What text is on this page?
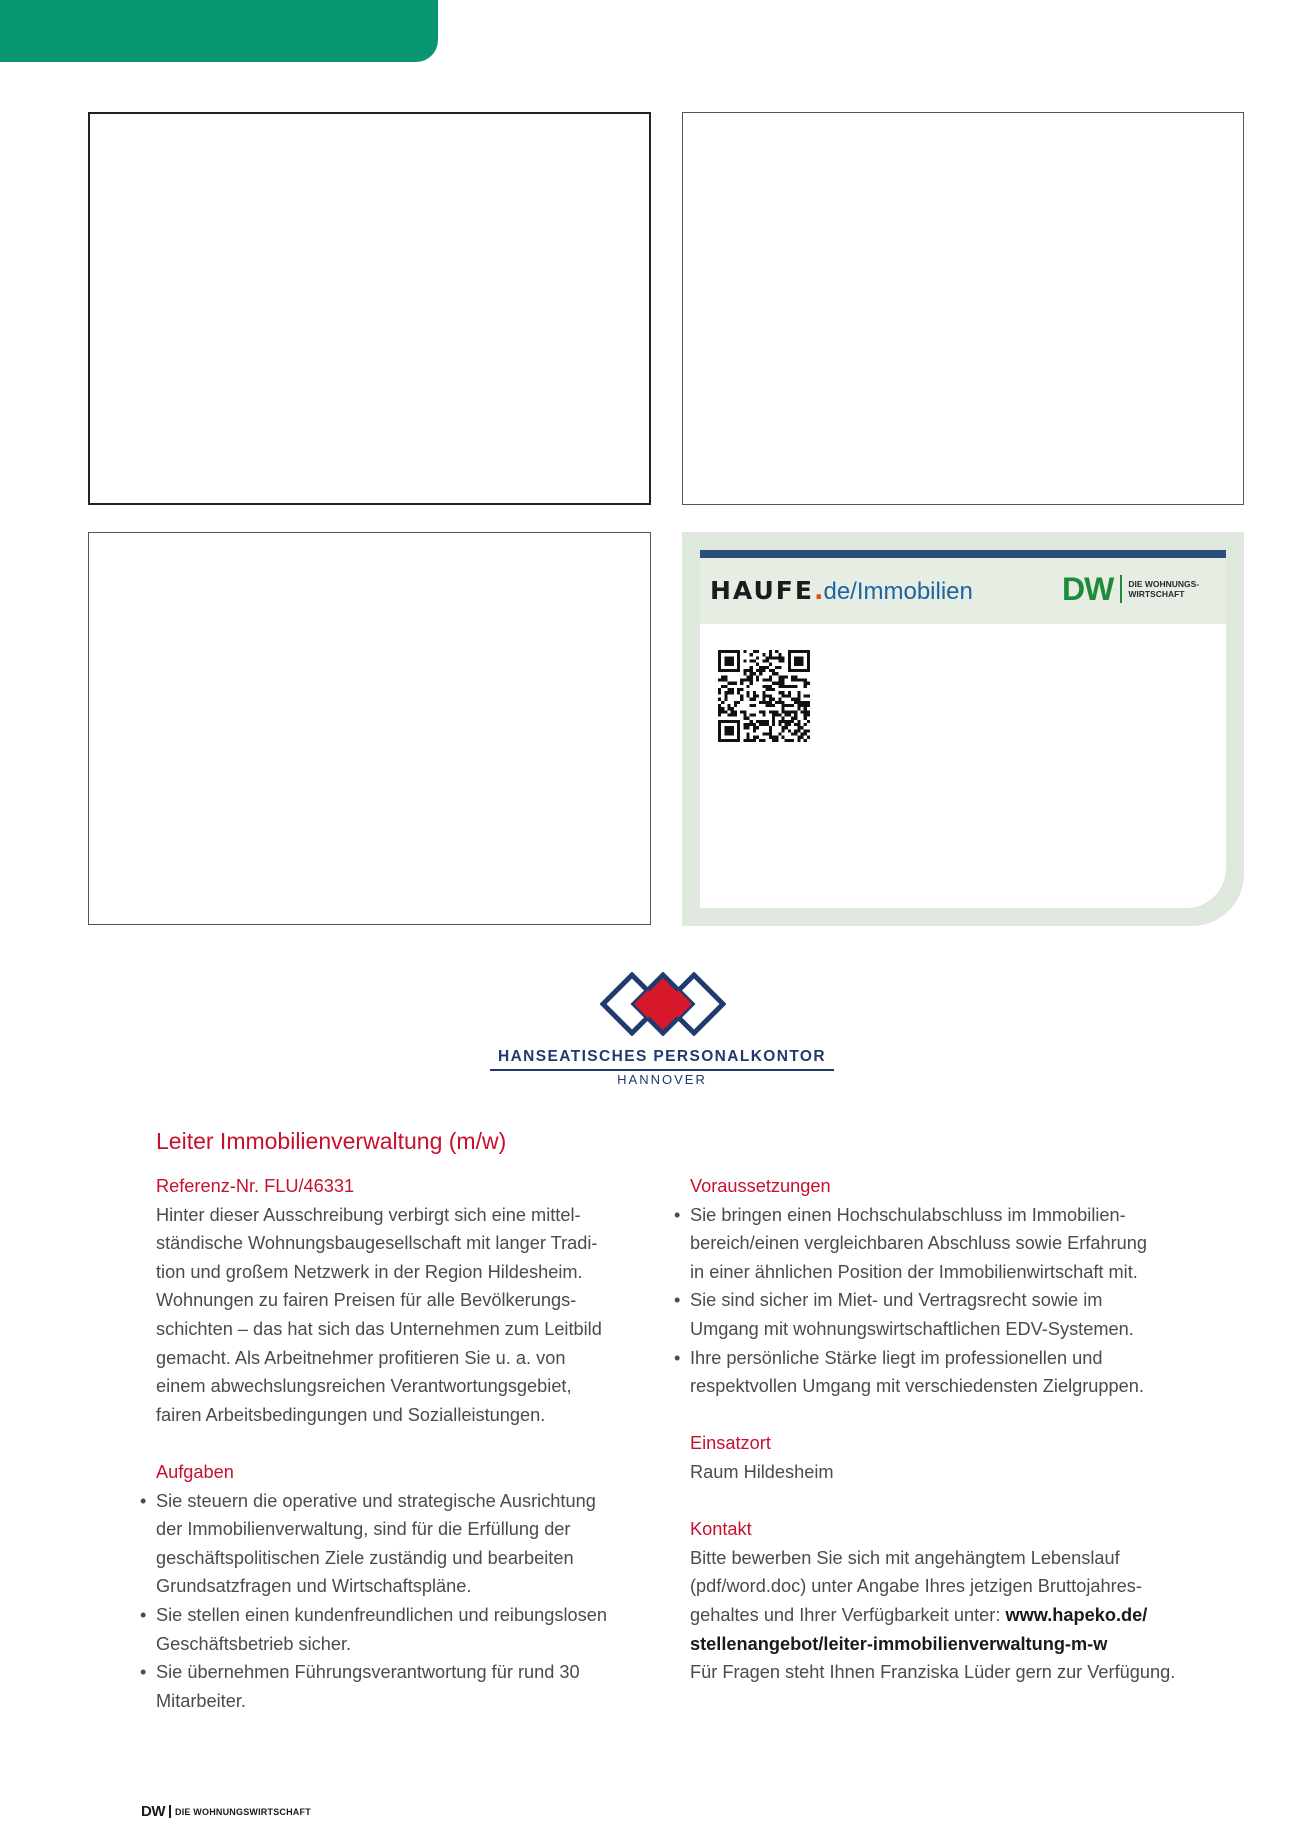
HAUFE.de/Immobilien	DW DIE WOHNUNGS-
WIRTSCHAFT
HANSEATISCHES PERSONALKONTOR
HANNOVER
Leiter Immobilienverwaltung (m/w)
Referenz-Nr. FLU/46331
Hinter dieser Ausschreibung verbirgt sich eine mittel-
ständische Wohnungsbaugesellschaft mit langer Tradi-
tion und großem Netzwerk in der Region Hildesheim.
Wohnungen zu fairen Preisen für alle Bevölkerungs-
schichten – das hat sich das Unternehmen zum Leitbild
gemacht. Als Arbeitnehmer profitieren Sie u. a. von
einem abwechslungsreichen Verantwortungsgebiet,
fairen Arbeitsbedingungen und Sozialleistungen.
Aufgaben
• Sie steuern die operative und strategische Ausrichtung
der Immobilienverwaltung, sind für die Erfüllung der
geschäftspolitischen Ziele zuständig und bearbeiten
Grundsatzfragen und Wirtschaftspläne.
• Sie stellen einen kundenfreundlichen und reibungslosen
Geschäftsbetrieb sicher.
• Sie übernehmen Führungsverantwortung für rund 30
Mitarbeiter.
Voraussetzungen
• Sie bringen einen Hochschulabschluss im Immobilien-
bereich/einen vergleichbaren Abschluss sowie Erfahrung
in einer ähnlichen Position der Immobilienwirtschaft mit.
• Sie sind sicher im Miet- und Vertragsrecht sowie im
Umgang mit wohnungswirtschaftlichen EDV-Systemen.
• Ihre persönliche Stärke liegt im professionellen und
respektvollen Umgang mit verschiedensten Zielgruppen.
Einsatzort
Raum Hildesheim
Kontakt
Bitte bewerben Sie sich mit angehängtem Lebenslauf
(pdf/word.doc) unter Angabe Ihres jetzigen Bruttojahres-
gehaltes und Ihrer Verfügbarkeit unter: www.hapeko.de/
stellenangebot/leiter-immobilienverwaltung-m-w
Für Fragen steht Ihnen Franziska Lüder gern zur Verfügung.
DW DIE WOHNUNGSWIRTSCHAFT
